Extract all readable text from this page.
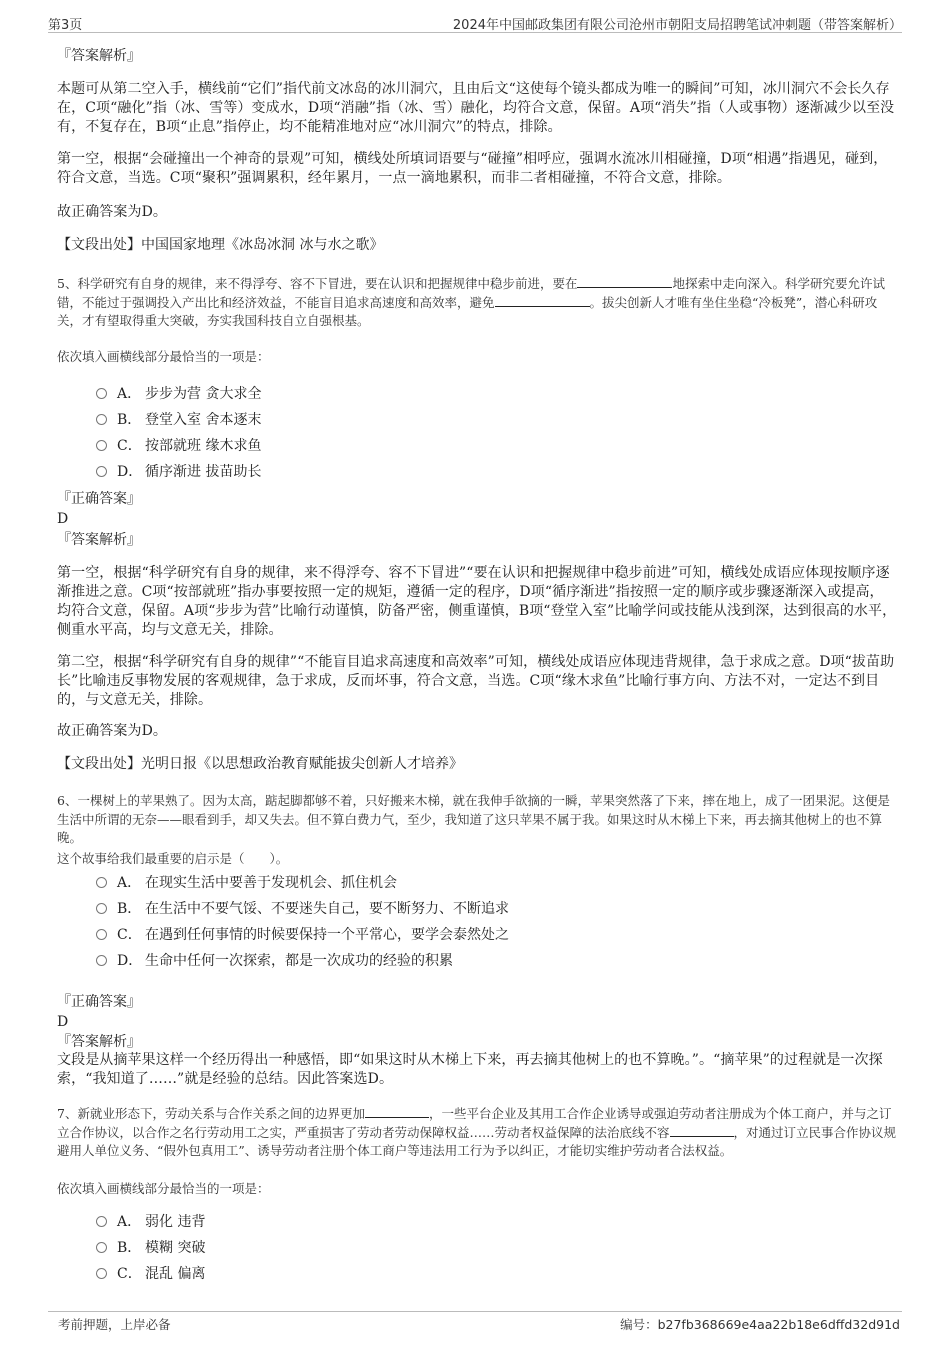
第3页	2024年中国邮政集团有限公司沧州市朝阳支局招聘笔试冲刺题（带答案解析）
『答案解析』
本题可从第二空入手，横线前“它们”指代前文冰岛的冰川洞穴，且由后文“这使每个镜头都成为唯一的瞬间”可知，冰川洞穴不会长久存在，C项“融化”指（冰、雪等）变成水，D项“消融”指（冰、雪）融化，均符合文意，保留。A项“消失”指（人或事物）逐渐减少以至没有，不复存在，B项“止息”指停止，均不能精准地对应“冰川洞穴”的特点，排除。
第一空，根据“会碰撞出一个神奇的景观”可知，横线处所填词语要与“碰撞”相呼应，强调水流冰川相碰撞，D项“相遇”指遇见，碰到，符合文意，当选。C项“聚积”强调累积，经年累月，一点一滴地累积，而非二者相碰撞，不符合文意，排除。
故正确答案为D。
【文段出处】中国国家地理《冰岛冰洞 冰与水之歌》
5、科学研究有自身的规律，来不得浮夸、容不下冒进，要在认识和把握规律中稳步前进，要在	地探索中走向深入。科学研究要允许试错，不能过于强调投入产出比和经济效益，不能盲目追求高速度和高效率，避免	。拔尖创新人才唯有坐住坐稳“冷板凳”，潜心科研攻关，才有望取得重大突破，夯实我国科技自立自强根基。
依次填入画横线部分最恰当的一项是：
A． 步步为营 贪大求全
B． 登堂入室 舍本逐末
C． 按部就班 缘木求鱼
D． 循序渐进 拔苗助长
『正确答案』
D
『答案解析』
第一空，根据“科学研究有自身的规律，来不得浮夸、容不下冒进”“要在认识和把握规律中稳步前进”可知，横线处成语应体现按顺序逐渐推进之意。C项“按部就班”指办事要按照一定的规矩，遵循一定的程序，D项“循序渐进”指按照一定的顺序或步骤逐渐深入或提高，均符合文意，保留。A项“步步为营”比喻行动谨慎，防备严密，侧重谨慎，B项“登堂入室”比喻学问或技能从浅到深，达到很高的水平，侧重水平高，均与文意无关，排除。
第二空，根据“科学研究有自身的规律”“不能盲目追求高速度和高效率”可知，横线处成语应体现违背规律，急于求成之意。D项“拔苗助长”比喻违反事物发展的客观规律，急于求成，反而坏事，符合文意，当选。C项“缘木求鱼”比喻行事方向、方法不对，一定达不到目的，与文意无关，排除。
故正确答案为D。
【文段出处】光明日报《以思想政治教育赋能拔尖创新人才培养》
6、一棵树上的苹果熟了。因为太高，踮起脚都够不着，只好搬来木梯，就在我伸手欲摘的一瞬，苹果突然落了下来，摔在地上，成了一团果泥。这便是生活中所谓的无奈——眼看到手，却又失去。但不算白费力气，至少，我知道了这只苹果不属于我。如果这时从木梯上下来，再去摘其他树上的也不算晚。
这个故事给我们最重要的启示是（　　）。
A． 在现实生活中要善于发现机会、抓住机会
B． 在生活中不要气馁、不要迷失自己，要不断努力、不断追求
C． 在遇到任何事情的时候要保持一个平常心，要学会泰然处之
D． 生命中任何一次探索，都是一次成功的经验的积累
『正确答案』
D
『答案解析』
文段是从摘苹果这样一个经历得出一种感悟，即“如果这时从木梯上下来，再去摘其他树上的也不算晚。”。“摘苹果”的过程就是一次探索，“我知道了……”就是经验的总结。因此答案选D。
7、新就业形态下，劳动关系与合作关系之间的边界更加	，一些平台企业及其用工合作企业诱导或强迫劳动者注册成为个体工商户，并与之订立合作协议，以合作之名行劳动用工之实，严重损害了劳动者劳动保障权益……劳动者权益保障的法治底线不容	，对通过订立民事合作协议规避用人单位义务、“假外包真用工”、诱导劳动者注册个体工商户等违法用工行为予以纠正，才能切实维护劳动者合法权益。
依次填入画横线部分最恰当的一项是：
A． 弱化 违背
B． 模糊 突破
C． 混乱 偏离
考前押题，上岸必备	编号：b27fb368669e4aa22b18e6dffd32d91d
